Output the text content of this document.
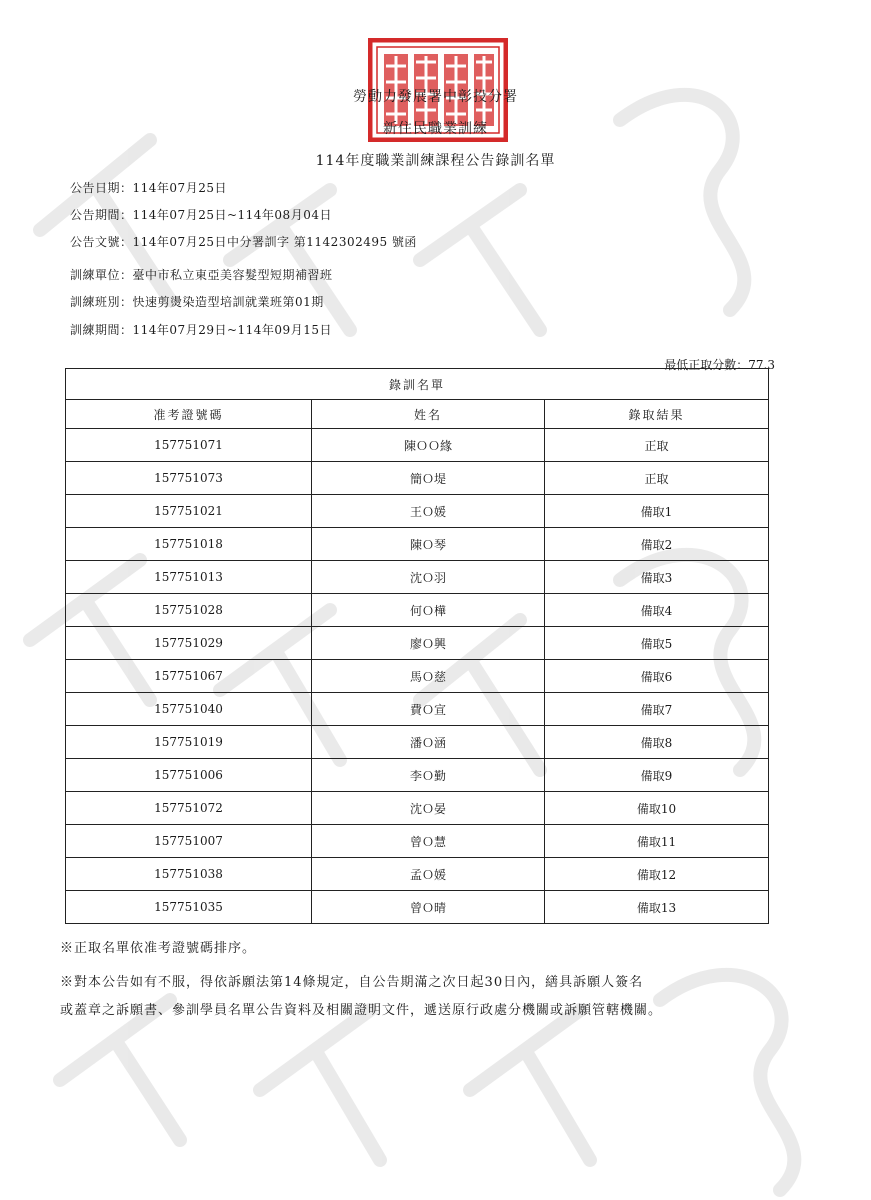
勞動力發展署中彰投分署
新住民職業訓練
114年度職業訓練課程公告錄訓名單
公告日期：114年07月25日
公告期間：114年07月25日~114年08月04日
公告文號：114年07月25日中分署訓字 第1142302495 號函
訓練單位：臺中市私立東亞美容髮型短期補習班
訓練班別：快速剪燙染造型培訓就業班第01期
訓練期間：114年07月29日~114年09月15日
最低正取分數：77.3
錄訓名單		
准考證號碼	姓名	錄取結果
157751071	陳ＯＯ緣	正取
157751073	簡Ｏ堤	正取
157751021	王Ｏ媛	備取1
157751018	陳Ｏ琴	備取2
157751013	沈Ｏ羽	備取3
157751028	何Ｏ樺	備取4
157751029	廖Ｏ興	備取5
157751067	馬Ｏ慈	備取6
157751040	費Ｏ宣	備取7
157751019	潘Ｏ涵	備取8
157751006	李Ｏ勤	備取9
157751072	沈Ｏ晏	備取10
157751007	曾Ｏ慧	備取11
157751038	孟Ｏ媛	備取12
157751035	曾Ｏ晴	備取13
※正取名單依准考證號碼排序。
※對本公告如有不服，得依訴願法第14條規定，自公告期滿之次日起30日內，繕具訴願人簽名
或蓋章之訴願書、參訓學員名單公告資料及相關證明文件，遞送原行政處分機關或訴願管轄機關。
